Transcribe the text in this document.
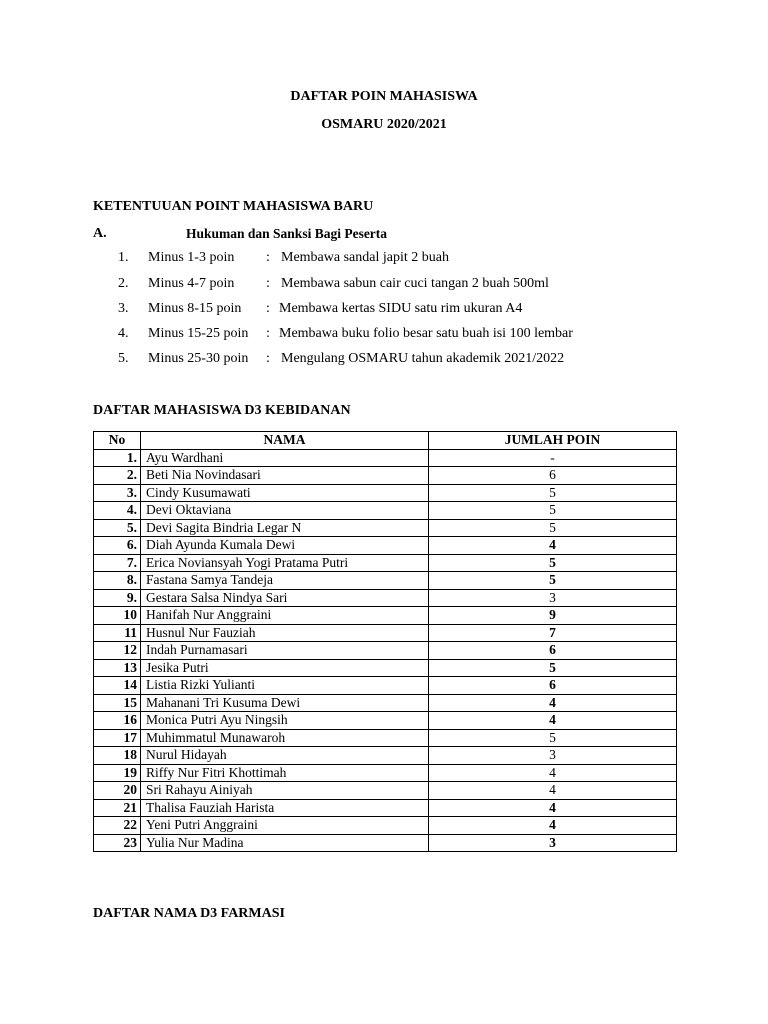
DAFTAR POIN MAHASISWA
OSMARU 2020/2021
KETENTUUAN POINT MAHASISWA BARU
A.	Hukuman dan Sanksi Bagi Peserta
1. Minus 1-3 poin : Membawa sandal japit 2 buah
2. Minus 4-7 poin : Membawa sabun cair cuci tangan 2 buah 500ml
3. Minus 8-15 poin : Membawa kertas SIDU satu rim ukuran A4
4. Minus 15-25 poin : Membawa buku folio besar satu buah isi 100 lembar
5. Minus 25-30 poin : Mengulang OSMARU tahun akademik 2021/2022
DAFTAR MAHASISWA D3 KEBIDANAN
No	NAMA	JUMLAH POIN
1.	Ayu Wardhani	-
2.	Beti Nia Novindasari	6
3.	Cindy Kusumawati	5
4.	Devi Oktaviana	5
5.	Devi Sagita Bindria Legar N	5
6.	Diah Ayunda Kumala Dewi	4
7.	Erica Noviansyah Yogi Pratama Putri	5
8.	Fastana Samya Tandeja	5
9.	Gestara Salsa Nindya Sari	3
10	Hanifah Nur Anggraini	9
11	Husnul Nur Fauziah	7
12	Indah Purnamasari	6
13	Jesika Putri	5
14	Listia Rizki Yulianti	6
15	Mahanani Tri Kusuma Dewi	4
16	Monica Putri Ayu Ningsih	4
17	Muhimmatul Munawaroh	5
18	Nurul Hidayah	3
19	Riffy Nur Fitri Khottimah	4
20	Sri Rahayu Ainiyah	4
21	Thalisa Fauziah Harista	4
22	Yeni Putri Anggraini	4
23	Yulia Nur Madina	3
DAFTAR NAMA D3 FARMASI
